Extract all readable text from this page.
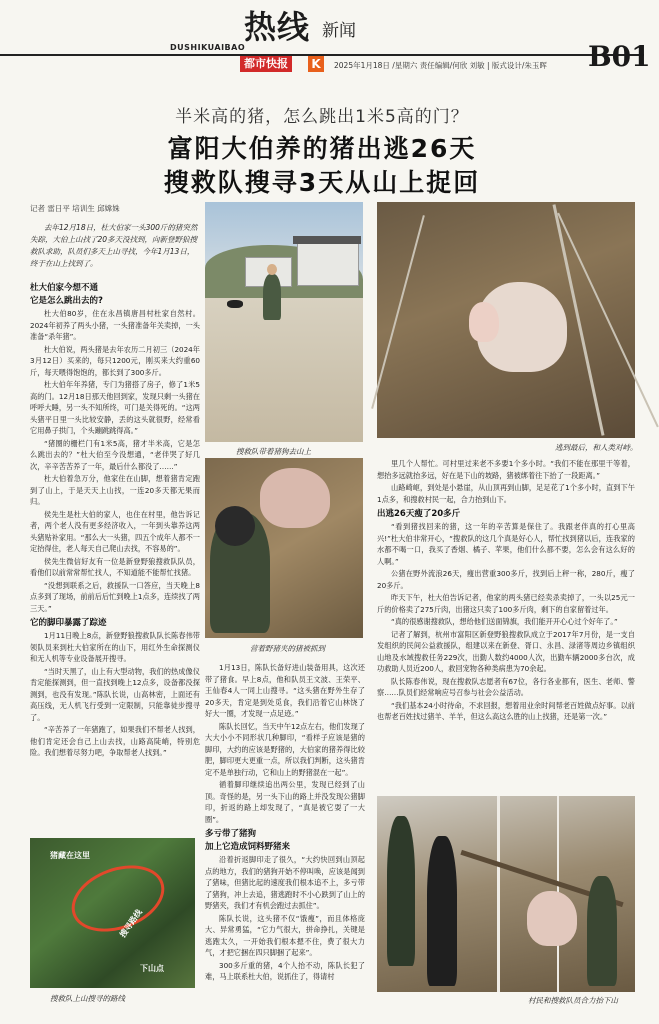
热线 新闻
DUSHIKUAIBAO
都市快报	K	2025年1月18日 /星期六 责任编辑/何欣 刘敏 | 版式设计/朱玉晖 B01
半米高的猪，怎么跳出1米5高的门？
富阳大伯养的猪出逃26天
搜救队搜寻3天从山上捉回
记者 雷日平 培训生 邱嫦姝
去年12月18日，杜大伯家一头300斤的猪突然失踪，大伯上山找了20多天没找到，向新登野狼搜救队求助，队员们多天上山寻找，今年1月13日，终于在山上找到了。
杜大伯家今想不通
它是怎么跳出去的?

杜大伯80岁，住在永昌镇唐昌村杜家自然村。2024年初养了两头小猪，一头猪准备年关卖掉，一头准备“杀年猪”。

杜大伯说，两头猪是去年农历二月初三（2024年3月12日）买来的，每只1200元，刚买来大约重60斤，每天喂得饱饱的，都长到了300多斤。

杜大伯年年养猪，专门为猪搭了房子，修了1米5高的门。12月18日那天他回到家，发现只剩一头猪在呼呼大睡，另一头不知所终，可门是关得死的。“这两头猪平日里一头比较安静，丢的这头就很野，经常看它用鼻子拱门，个头蹦跳跳得高。”

“猪圈的栅栏门有1米5高，猪才半米高，它是怎么跳出去的？”杜大伯至今没想通，“老伴哭了好几次，辛辛苦苦养了一年，最后什么都没了……”

杜大伯着急万分，他家住在山脚，想着猪肯定跑到了山上，于是天天上山找，一连20多天都无果而归。

侯先生是杜大伯的家人，也住在村里，他告诉记者，两个老人没有更多经济收入，一年到头靠养这两头猪贴补家用。“那么大一头猪，四五个成年人都不一定抬得住，老人每天自己爬山去找，不容易的”。

侯先生微信好友有一位是新登野狼搜救队队员，看他们以前常常帮忙找人，不知道能不能帮忙找猪。

“没想到联系之后，救援队一口答应，当天晚上8点多到了现场，前前后后忙到晚上1点多，连续找了两三天。”

它的脚印暴露了踪迹

1月11日晚上8点，新登野狼搜救队队长陈春伟带领队员来到杜大伯家所在的山下，用红外生命探测仪和无人机等专业设备展开搜寻。

“当时天黑了，山上有大型动物，我们的热成像仪肯定能探测到，但一直找到晚上12点多，设备都没探测到，也没有发现。”陈队长说，山高林密，上面还有高压线，无人机飞行受到一定限制，只能靠徒步搜寻了。

“辛苦养了一年猪跑了，如果我们不帮老人找到，他们肯定还会自己上山去找，山路高陡峭，特别危险。我们想着尽努力吧，争取帮老人找到。”

猪藏在这里
搜寻路线
下山点
搜救队上山搜寻的路线
搜救队带着猪狗去山上	逃到最后，和人类对峙。
营着野猪夹的猪被抓到

1月13日，陈队长备好进山装备用具，这次还带了猪食。早上8点，他和队员王文波、王荣平、王仙春4人一同上山搜寻。“这头猪在野外生存了20多天，肯定是到处觅食，我们沿着它山林饶了好大一圈，才发现一点足迹。”

陈队长回忆，当天中午12点左右，他们发现了大大小小不同形状几种脚印，“看样子应该是猪的脚印，大约的应该是野猪的，大伯家的猪养得比较肥，脚印更大更重一点，所以我们判断，这头猪肯定不是单独行动，它和山上的野猪混在一起”。

循着脚印继续追出两公里，发现已经到了山顶。奇怪的是，另一头下山的路上并没发现公猪脚印，折返的路上却发现了，“真是被它耍了一大圈”。

多亏带了猪狗
加上它造成饲料野猪来

沿着折返脚印走了很久，“大约快回到山顶起点的地方，我们的猪狗开始不停叫唤，应该是闻到了猪味，但猪比起的速度我们根本追不上，多亏带了猪狗，冲上去追，猪逃跑时不小心跌到了山上的野猪夹，我们才有机会跑过去抓住”。

陈队长说，这头猪不仅“饿瘦”，而且体格庞大、异常勇猛，“它力气很大，拼命挣扎，关键是逃跑太久，一开始我们根本摁不住，费了很大力气，才把它捆在四只脚捆了起来”。

300多斤重的猪，4个人抬不动，陈队长犯了难，马上联系杜大伯，说抓住了，得请村

里几个人帮忙。可村里过来老不多要1个多小时。“我们不能在那里干等着，想抬多远就抬多远，好在是下山的坡路，猪被绑着往下抬了一段距离。”

山路崎岖，到处是小悬崖，从山顶再到山脚，足足花了1个多小时，直到下午1点多，和搜救村民一起，合力抬到山下。

出逃26天瘦了20多斤

“看到猪找回来的猪，这一年的辛苦算是保住了。我跟老伴真的打心里高兴!”杜大伯非常开心，“搜救队的这几个真是好心人，帮忙找到猪以后，连我家的水都不喝一口，我买了香烟、橘子、苹果，他们什么都不要，怎么会有这么好的人啊。”

公猪在野外流浪26天，瘦出营重300多斤，找到后上秤一称，280斤，瘦了20多斤。

昨天下午，杜大伯告诉记者，他家的两头猪已经卖杀卖掉了，一头以25元一斤的价格卖了275斤肉，出猪这只卖了100多斤肉，剩下的自家留着过年。

“真的很感谢搜救队，想给他们送面锦旗，我们能开开心心过个好年了。”

记者了解到，杭州市富阳区新登野狼搜救队成立于2017年7月份，是一支自发组织的民间公益救援队，组建以来在新登、胥口、永昌、渌渚等周边乡镇组织山地及水域搜救任务229次，出勤人数约4000人次，出勤车辆2000多台次，成功救助人员近200人，救回宠物各种类病患为70余起。

队长陈春伟说，现在搜救队志愿者有67位，各行各业都有，医生、老师、警察……队员们经常响应号召参与社会公益活动。

“我们基本24小时待命，不求回报，想着用业余时间帮老百姓做点好事。以前也帮老百姓找过猪羊、羊羊，但这么高这么胜的山上找猪，还是第一次。”

村民和搜救队员合力抬下山
